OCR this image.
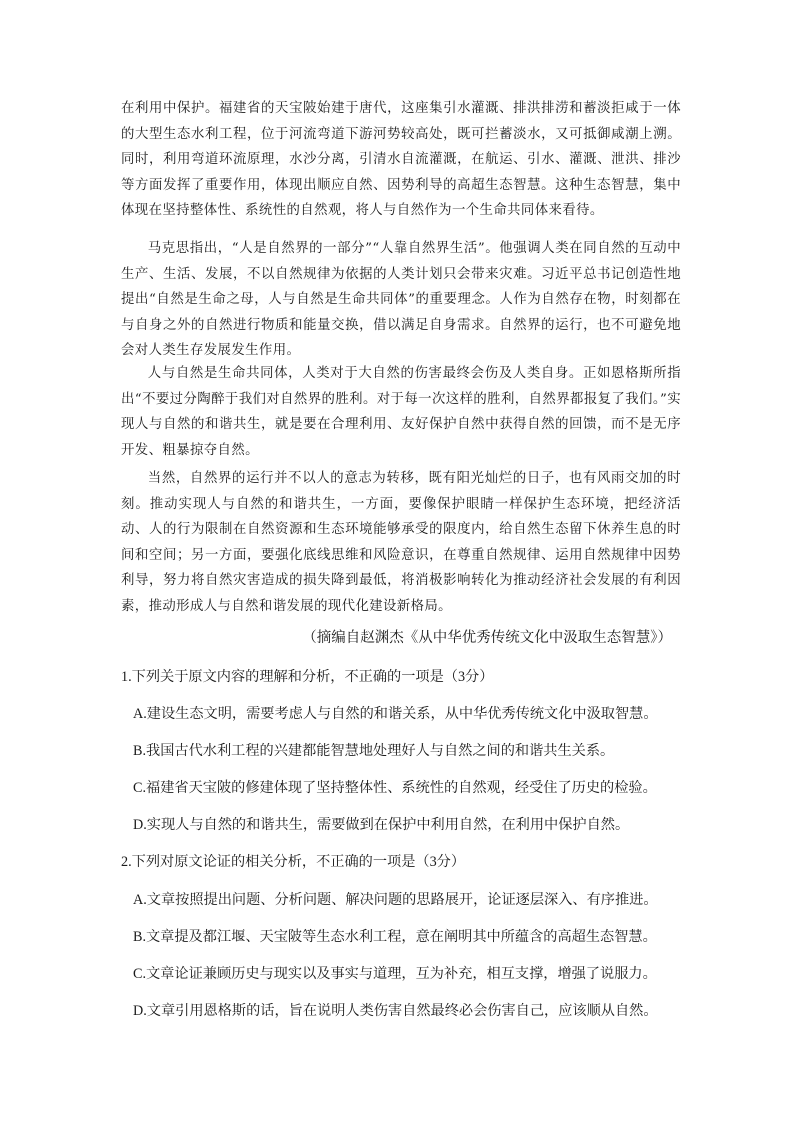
在利用中保护。福建省的天宝陂始建于唐代，这座集引水灌溉、排洪排涝和蓄淡拒咸于一体的大型生态水利工程，位于河流弯道下游河势较高处，既可拦蓄淡水，又可抵御咸潮上溯。同时，利用弯道环流原理，水沙分离，引清水自流灌溉，在航运、引水、灌溉、泄洪、排沙等方面发挥了重要作用，体现出顺应自然、因势利导的高超生态智慧。这种生态智慧，集中体现在坚持整体性、系统性的自然观，将人与自然作为一个生命共同体来看待。

马克思指出，“人是自然界的一部分”“人靠自然界生活”。他强调人类在同自然的互动中生产、生活、发展，不以自然规律为依据的人类计划只会带来灾难。习近平总书记创造性地提出“自然是生命之母，人与自然是生命共同体”的重要理念。人作为自然存在物，时刻都在与自身之外的自然进行物质和能量交换，借以满足自身需求。自然界的运行，也不可避免地会对人类生存发展发生作用。

人与自然是生命共同体，人类对于大自然的伤害最终会伤及人类自身。正如恩格斯所指出“不要过分陶醉于我们对自然界的胜利。对于每一次这样的胜利，自然界都报复了我们。”实现人与自然的和谐共生，就是要在合理利用、友好保护自然中获得自然的回馈，而不是无序开发、粗暴掠夺自然。

当然，自然界的运行并不以人的意志为转移，既有阳光灿烂的日子，也有风雨交加的时刻。推动实现人与自然的和谐共生，一方面，要像保护眼睛一样保护生态环境，把经济活动、人的行为限制在自然资源和生态环境能够承受的限度内，给自然生态留下休养生息的时间和空间；另一方面，要强化底线思维和风险意识，在尊重自然规律、运用自然规律中因势利导，努力将自然灾害造成的损失降到最低，将消极影响转化为推动经济社会发展的有利因素，推动形成人与自然和谐发展的现代化建设新格局。

（摘编自赵渊杰《从中华优秀传统文化中汲取生态智慧》）

1.下列关于原文内容的理解和分析，不正确的一项是（3分）

A.建设生态文明，需要考虑人与自然的和谐关系，从中华优秀传统文化中汲取智慧。

B.我国古代水利工程的兴建都能智慧地处理好人与自然之间的和谐共生关系。

C.福建省天宝陂的修建体现了坚持整体性、系统性的自然观，经受住了历史的检验。

D.实现人与自然的和谐共生，需要做到在保护中利用自然，在利用中保护自然。

2.下列对原文论证的相关分析，不正确的一项是（3分）

A.文章按照提出问题、分析问题、解决问题的思路展开，论证逐层深入、有序推进。

B.文章提及都江堰、天宝陂等生态水利工程，意在阐明其中所蕴含的高超生态智慧。

C.文章论证兼顾历史与现实以及事实与道理，互为补充，相互支撑，增强了说服力。

D.文章引用恩格斯的话，旨在说明人类伤害自然最终必会伤害自己，应该顺从自然。
